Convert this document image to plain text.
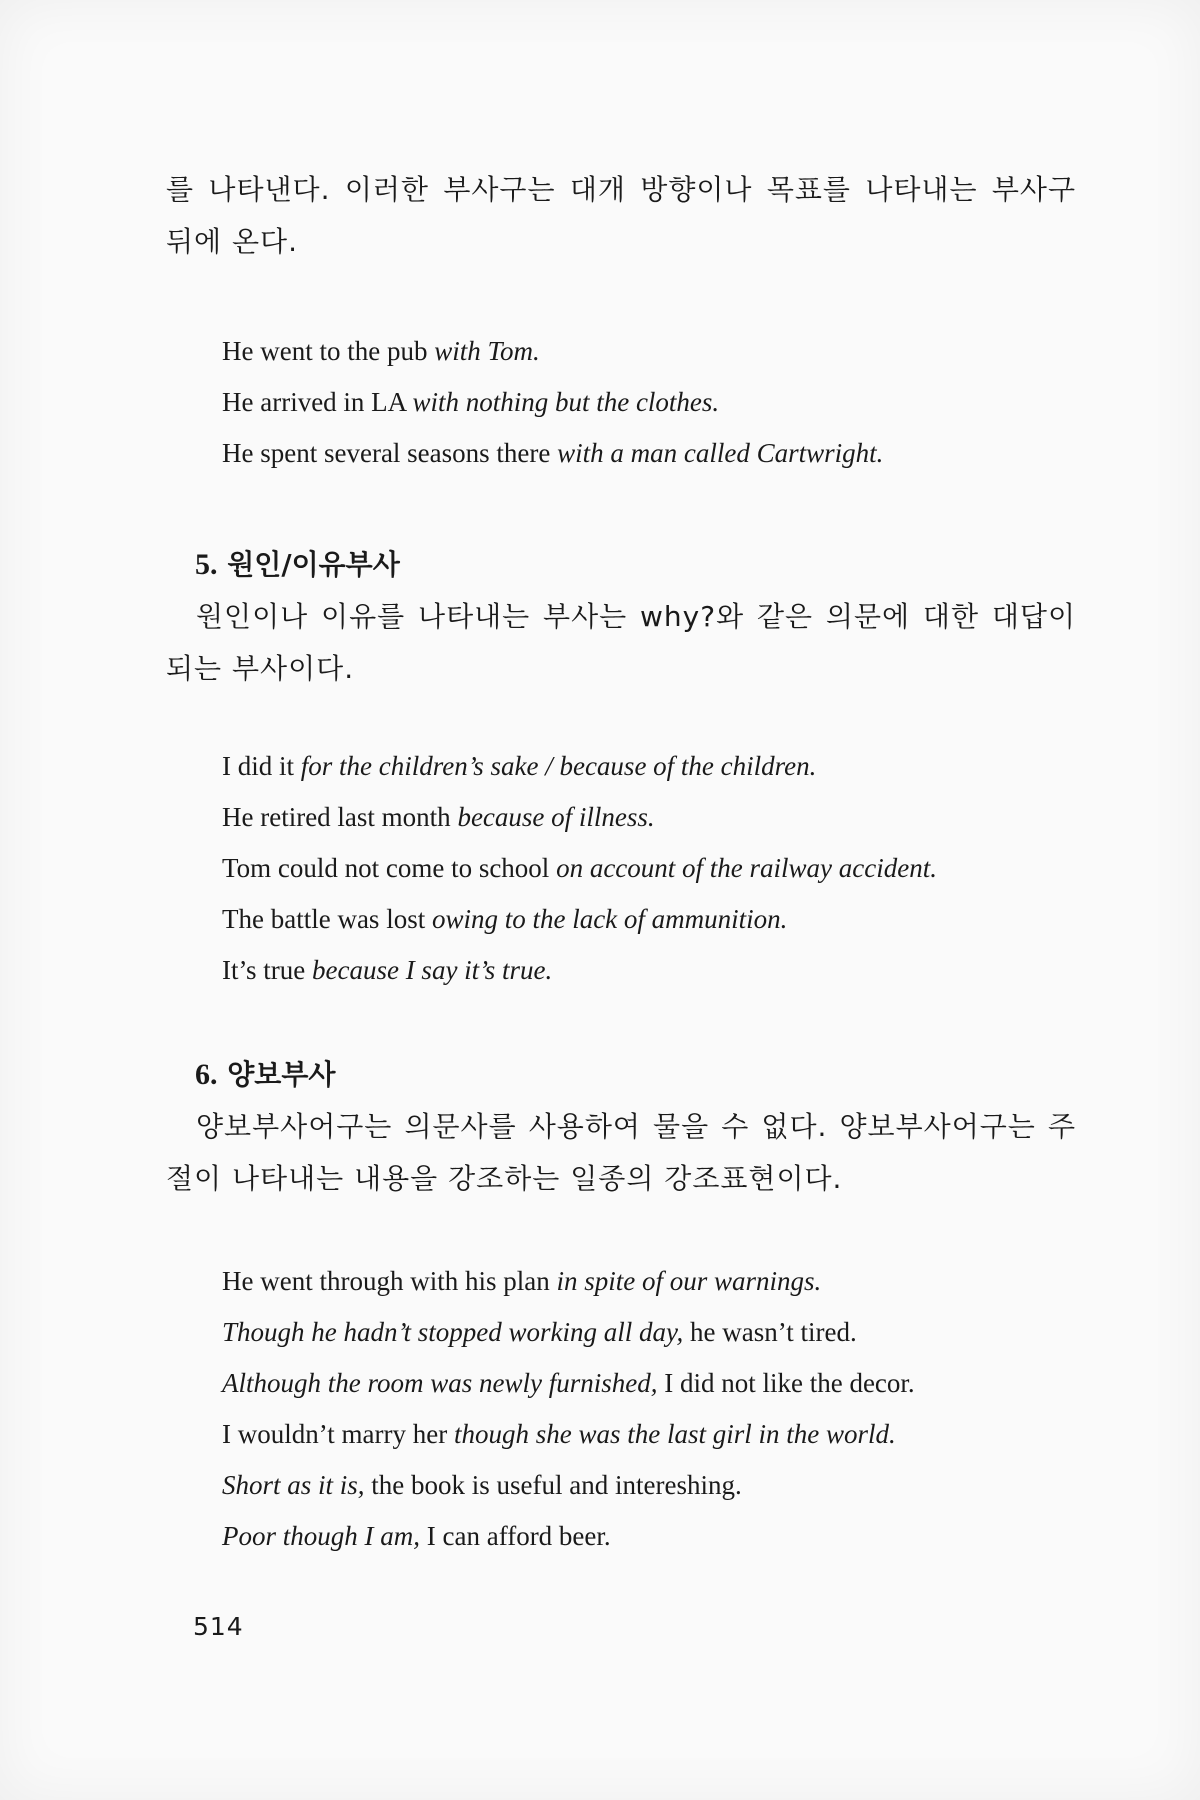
를 나타낸다. 이러한 부사구는 대개 방향이나 목표를 나타내는 부사구 뒤에 온다.

He went to the pub with Tom.
He arrived in LA with nothing but the clothes.
He spent several seasons there with a man called Cartwright.
5. 원인/이유부사

원인이나 이유를 나타내는 부사는 why?와 같은 의문에 대한 대답이 되는 부사이다.

I did it for the children’s sake / because of the children.
He retired last month because of illness.
Tom could not come to school on account of the railway accident.
The battle was lost owing to the lack of ammunition.
It’s true because I say it’s true.
6. 양보부사

양보부사어구는 의문사를 사용하여 물을 수 없다. 양보부사어구는 주절이 나타내는 내용을 강조하는 일종의 강조표현이다.

He went through with his plan in spite of our warnings.
Though he hadn’t stopped working all day, he wasn’t tired.
Although the room was newly furnished, I did not like the decor.
I wouldn’t marry her though she was the last girl in the world.
Short as it is, the book is useful and intereshing.
Poor though I am, I can afford beer.
514
